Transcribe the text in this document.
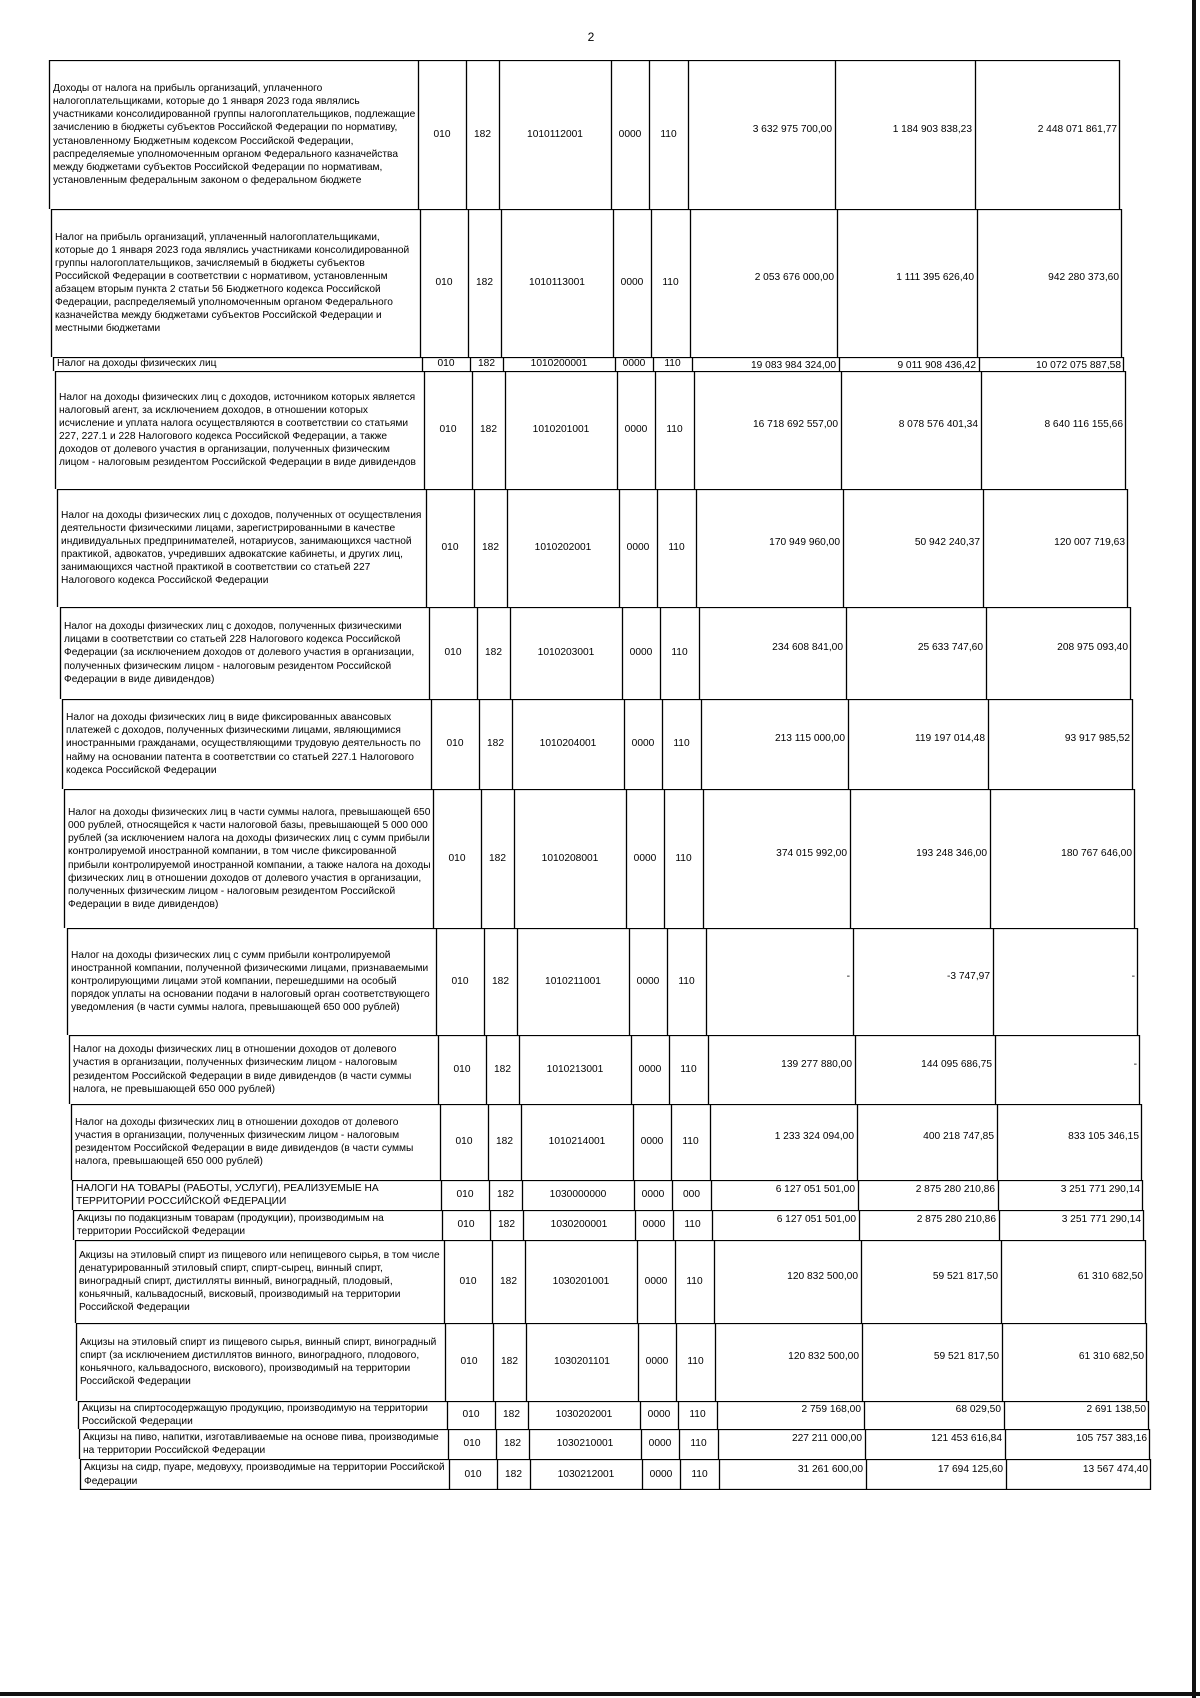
2
Доходы от налога на прибыль организаций, уплаченного налогоплательщиками, которые до 1 января 2023 года являлись участниками консолидированной группы налогоплательщиков, подлежащие зачислению в бюджеты субъектов Российской Федерации по нормативу, установленному Бюджетным кодексом Российской Федерации, распределяемые уполномоченным органом Федерального казначейства между бюджетами субъектов Российской Федерации по нормативам, установленным федеральным законом о федеральном бюджете
010 182	1010112001	0000 110	3 632 975 700,00	1 184 903 838,23	2 448 071 861,77
Налог на прибыль организаций, уплаченный налогоплательщиками, которые до 1 января 2023 года являлись участниками консолидированной группы налогоплательщиков, зачисляемый в бюджеты субъектов Российской Федерации в соответствии с нормативом, установленным абзацем вторым пункта 2 статьи 56 Бюджетного кодекса Российской Федерации, распределяемый уполномоченным органом Федерального казначейства между бюджетами субъектов Российской Федерации и местными бюджетами
010 182	1010113001	0000 110	2 053 676 000,00	1 111 395 626,40	942 280 373,60
Налог на доходы физических лиц	010 182	1010200001	0000 110	19 083 984 324,00	9 011 908 436,42	10 072 075 887,58
Налог на доходы физических лиц с доходов, источником которых является налоговый агент, за исключением доходов, в отношении которых исчисление и уплата налога осуществляются в соответствии со статьями 227, 227.1 и 228 Налогового кодекса Российской Федерации, а также доходов от долевого участия в организации, полученных физическим лицом - налоговым резидентом Российской Федерации в виде дивидендов
010 182	1010201001	0000 110	16 718 692 557,00	8 078 576 401,34	8 640 116 155,66
Налог на доходы физических лиц с доходов, полученных от осуществления деятельности физическими лицами, зарегистрированными в качестве индивидуальных предпринимателей, нотариусов, занимающихся частной практикой, адвокатов, учредивших адвокатские кабинеты, и других лиц, занимающихся частной практикой в соответствии со статьей 227 Налогового кодекса Российской Федерации
010 182	1010202001	0000 110	170 949 960,00	50 942 240,37	120 007 719,63
Налог на доходы физических лиц с доходов, полученных физическими лицами в соответствии со статьей 228 Налогового кодекса Российской Федерации (за исключением доходов от долевого участия в организации, полученных физическим лицом - налоговым резидентом Российской Федерации в виде дивидендов)
010 182	1010203001	0000 110	234 608 841,00	25 633 747,60	208 975 093,40
Налог на доходы физических лиц в виде фиксированных авансовых платежей с доходов, полученных физическими лицами, являющимися иностранными гражданами, осуществляющими трудовую деятельность по найму на основании патента в соответствии со статьей 227.1 Налогового кодекса Российской Федерации
010 182	1010204001	0000 110	213 115 000,00	119 197 014,48	93 917 985,52
Налог на доходы физических лиц в части суммы налога, превышающей 650 000 рублей, относящейся к части налоговой базы, превышающей 5 000 000 рублей (за исключением налога на доходы физических лиц с сумм прибыли контролируемой иностранной компании, в том числе фиксированной прибыли контролируемой иностранной компании, а также налога на доходы физических лиц в отношении доходов от долевого участия в организации, полученных физическим лицом - налоговым резидентом Российской Федерации в виде дивидендов)
010 182	1010208001	0000 110	374 015 992,00	193 248 346,00	180 767 646,00
Налог на доходы физических лиц с сумм прибыли контролируемой иностранной компании, полученной физическими лицами, признаваемыми контролирующими лицами этой компании, перешедшими на особый порядок уплаты на основании подачи в налоговый орган соответствующего уведомления (в части суммы налога, превышающей 650 000 рублей)
010 182	1010211001	0000 110	-	-3 747,97	-
Налог на доходы физических лиц в отношении доходов от долевого участия в организации, полученных физическим лицом - налоговым резидентом Российской Федерации в виде дивидендов (в части суммы налога, не превышающей 650 000 рублей)
010 182	1010213001	0000 110	139 277 880,00	144 095 686,75	-
Налог на доходы физических лиц в отношении доходов от долевого участия в организации, полученных физическим лицом - налоговым резидентом Российской Федерации в виде дивидендов (в части суммы налога, превышающей 650 000 рублей)
010 182	1010214001	0000 110	1 233 324 094,00	400 218 747,85	833 105 346,15
НАЛОГИ НА ТОВАРЫ (РАБОТЫ, УСЛУГИ), РЕАЛИЗУЕМЫЕ НА ТЕРРИТОРИИ РОССИЙСКОЙ ФЕДЕРАЦИИ
010 182	1030000000	0000 000	6 127 051 501,00	2 875 280 210,86	3 251 771 290,14
Акцизы по подакцизным товарам (продукции), производимым на территории Российской Федерации
010 182	1030200001	0000 110	6 127 051 501,00	2 875 280 210,86	3 251 771 290,14
Акцизы на этиловый спирт из пищевого или непищевого сырья, в том числе денатурированный этиловый спирт, спирт-сырец, винный спирт, виноградный спирт, дистилляты винный, виноградный, плодовый, коньячный, кальвадосный, висковый, производимый на территории Российской Федерации
010 182	1030201001	0000 110	120 832 500,00	59 521 817,50	61 310 682,50
Акцизы на этиловый спирт из пищевого сырья, винный спирт, виноградный спирт (за исключением дистиллятов винного, виноградного, плодового, коньячного, кальвадосного, вискового), производимый на территории Российской Федерации
010 182	1030201101	0000 110	120 832 500,00	59 521 817,50	61 310 682,50
Акцизы на спиртосодержащую продукцию, производимую на территории Российской Федерации
010 182	1030202001	0000 110	2 759 168,00	68 029,50	2 691 138,50
Акцизы на пиво, напитки, изготавливаемые на основе пива, производимые на территории Российской Федерации
010 182	1030210001	0000 110	227 211 000,00	121 453 616,84	105 757 383,16
Акцизы на сидр, пуаре, медовуху, производимые на территории Российской Федерации
010 182	1030212001	0000 110	31 261 600,00	17 694 125,60	13 567 474,40
